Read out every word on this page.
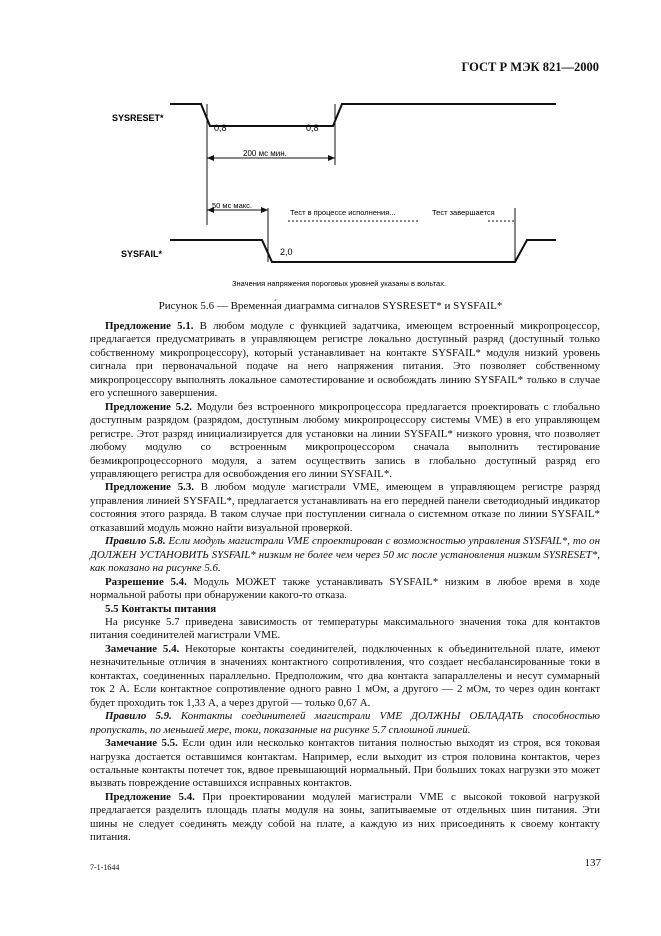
ГОСТ Р МЭК 821—2000
SYSRESET*
0,8	0,8
200 мс мин.
50 мс макс.
Тест в процессе исполнения...	Тест завершается
SYSFAIL*	2,0
Значения напряжения пороговых уровней указаны в вольтах.
Рисунок 5.6 — Временна́я диаграмма сигналов SYSRESET* и SYSFAIL*

Предложение 5.1. В любом модуле с функцией задатчика, имеющем встроенный микропроцессор, предлагается предусматривать в управляющем регистре локально доступный разряд (доступный только собственному микропроцессору), который устанавливает на контакте SYSFAIL* модуля низкий уровень сигнала при первоначальной подаче на него напряжения питания. Это позволяет собственному микропроцессору выполнять локальное самотестирование и освобождать линию SYSFAIL* только в случае его успешного завершения.

Предложение 5.2. Модули без встроенного микропроцессора предлагается проектировать с глобально доступным разрядом (разрядом, доступным любому микропроцессору системы VME) в его управляющем регистре. Этот разряд инициализируется для установки на линии SYSFAIL* низкого уровня, что позволяет любому модулю со встроенным микропроцессором сначала выполнить тестирование безмикропроцессорного модуля, а затем осуществить запись в глобально доступный разряд его управляющего регистра для освобождения его линии SYSFAIL*.

Предложение 5.3. В любом модуле магистрали VME, имеющем в управляющем регистре разряд управления линией SYSFAIL*, предлагается устанавливать на его передней панели светодиодный индикатор состояния этого разряда. В таком случае при поступлении сигнала о системном отказе по линии SYSFAIL* отказавший модуль можно найти визуальной проверкой.

Правило 5.8. Если модуль магистрали VME спроектирован с возможностью управления SYSFAIL*, то он ДОЛЖЕН УСТАНОВИТЬ SYSFAIL* низким не более чем через 50 мс после установления низким SYSRESET*, как показано на рисунке 5.6.

Разрешение 5.4. Модуль МОЖЕТ также устанавливать SYSFAIL* низким в любое время в ходе нормальной работы при обнаружении какого-то отказа.

5.5 Контакты питания

На рисунке 5.7 приведена зависимость от температуры максимального значения тока для контактов питания соединителей магистрали VME.

Замечание 5.4. Некоторые контакты соединителей, подключенных к объединительной плате, имеют незначительные отличия в значениях контактного сопротивления, что создает несбалансированные токи в контактах, соединенных параллельно. Предположим, что два контакта запараллелены и несут суммарный ток 2 А. Если контактное сопротивление одного равно 1 мОм, а другого — 2 мОм, то через один контакт будет проходить ток 1,33 А, а через другой — только 0,67 А.

Правило 5.9. Контакты соединителей магистрали VME ДОЛЖНЫ ОБЛАДАТЬ способностью пропускать, по меньшей мере, токи, показанные на рисунке 5.7 сплошной линией.

Замечание 5.5. Если один или несколько контактов питания полностью выходят из строя, вся токовая нагрузка достается оставшимся контактам. Например, если выходит из строя половина контактов, через остальные контакты потечет ток, вдвое превышающий нормальный. При больших токах нагрузки это может вызвать повреждение оставшихся исправных контактов.

Предложение 5.4. При проектировании модулей магистрали VME с высокой токовой нагрузкой предлагается разделить площадь платы модуля на зоны, запитываемые от отдельных шин питания. Эти шины не следует соединять между собой на плате, а каждую из них присоединять к своему контакту питания.

7-1-1644	137
